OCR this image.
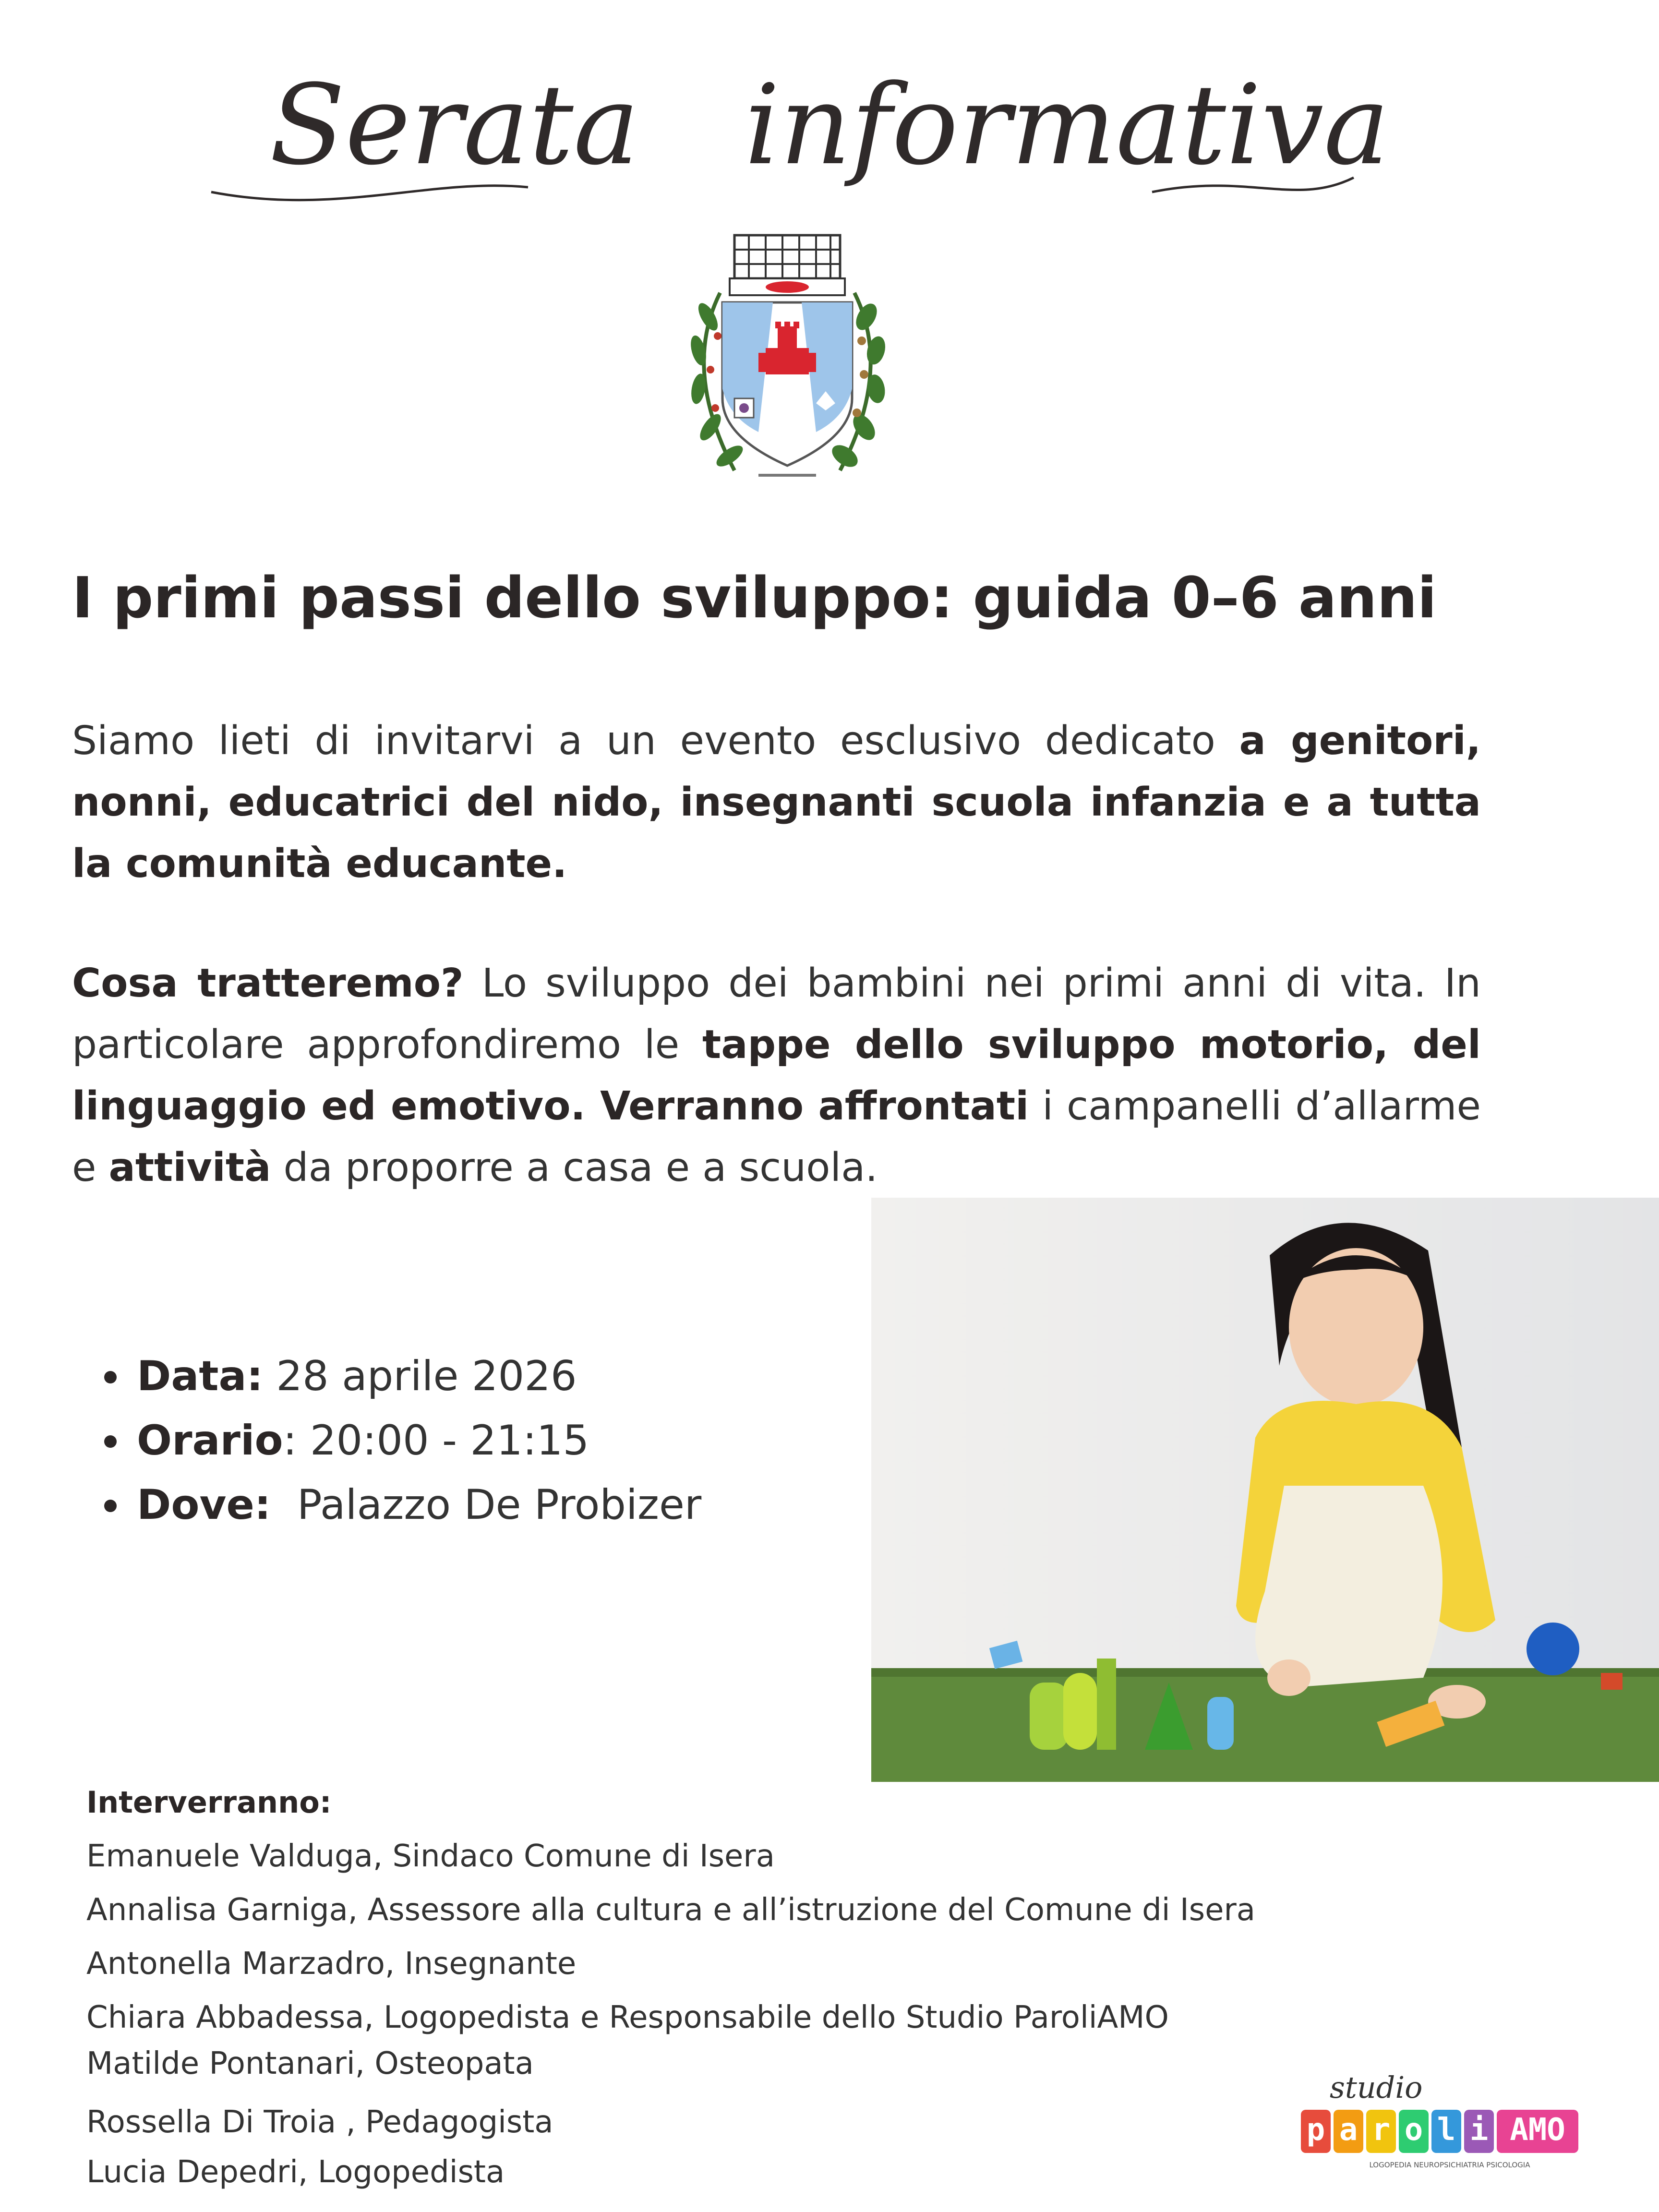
Serata   informativa
I primi passi dello sviluppo: guida 0–6 anni
Siamo lieti di invitarvi a un evento esclusivo dedicato a genitori, nonni, educatrici del nido, insegnanti scuola infanzia e a tutta la comunità educante.
Cosa tratteremo? Lo sviluppo dei bambini nei primi anni di vita. In particolare approfondiremo le tappe dello sviluppo motorio, del linguaggio ed emotivo. Verranno affrontati i campanelli d’allarme e attività da proporre a casa e a scuola.
Data: 28 aprile 2026
Orario: 20:00 - 21:15
Dove:  Palazzo De Probizer
Interverranno:
Emanuele Valduga, Sindaco Comune di Isera
Annalisa Garniga, Assessore alla cultura e all’istruzione del Comune di Isera
Antonella Marzadro, Insegnante
Chiara Abbadessa, Logopedista e Responsabile dello Studio ParoliAMO
Matilde Pontanari, Osteopata
Rossella Di Troia , Pedagogista
Lucia Depedri, Logopedista
studio
p a r o l i AMO
LOGOPEDIA NEUROPSICHIATRIA PSICOLOGIA
